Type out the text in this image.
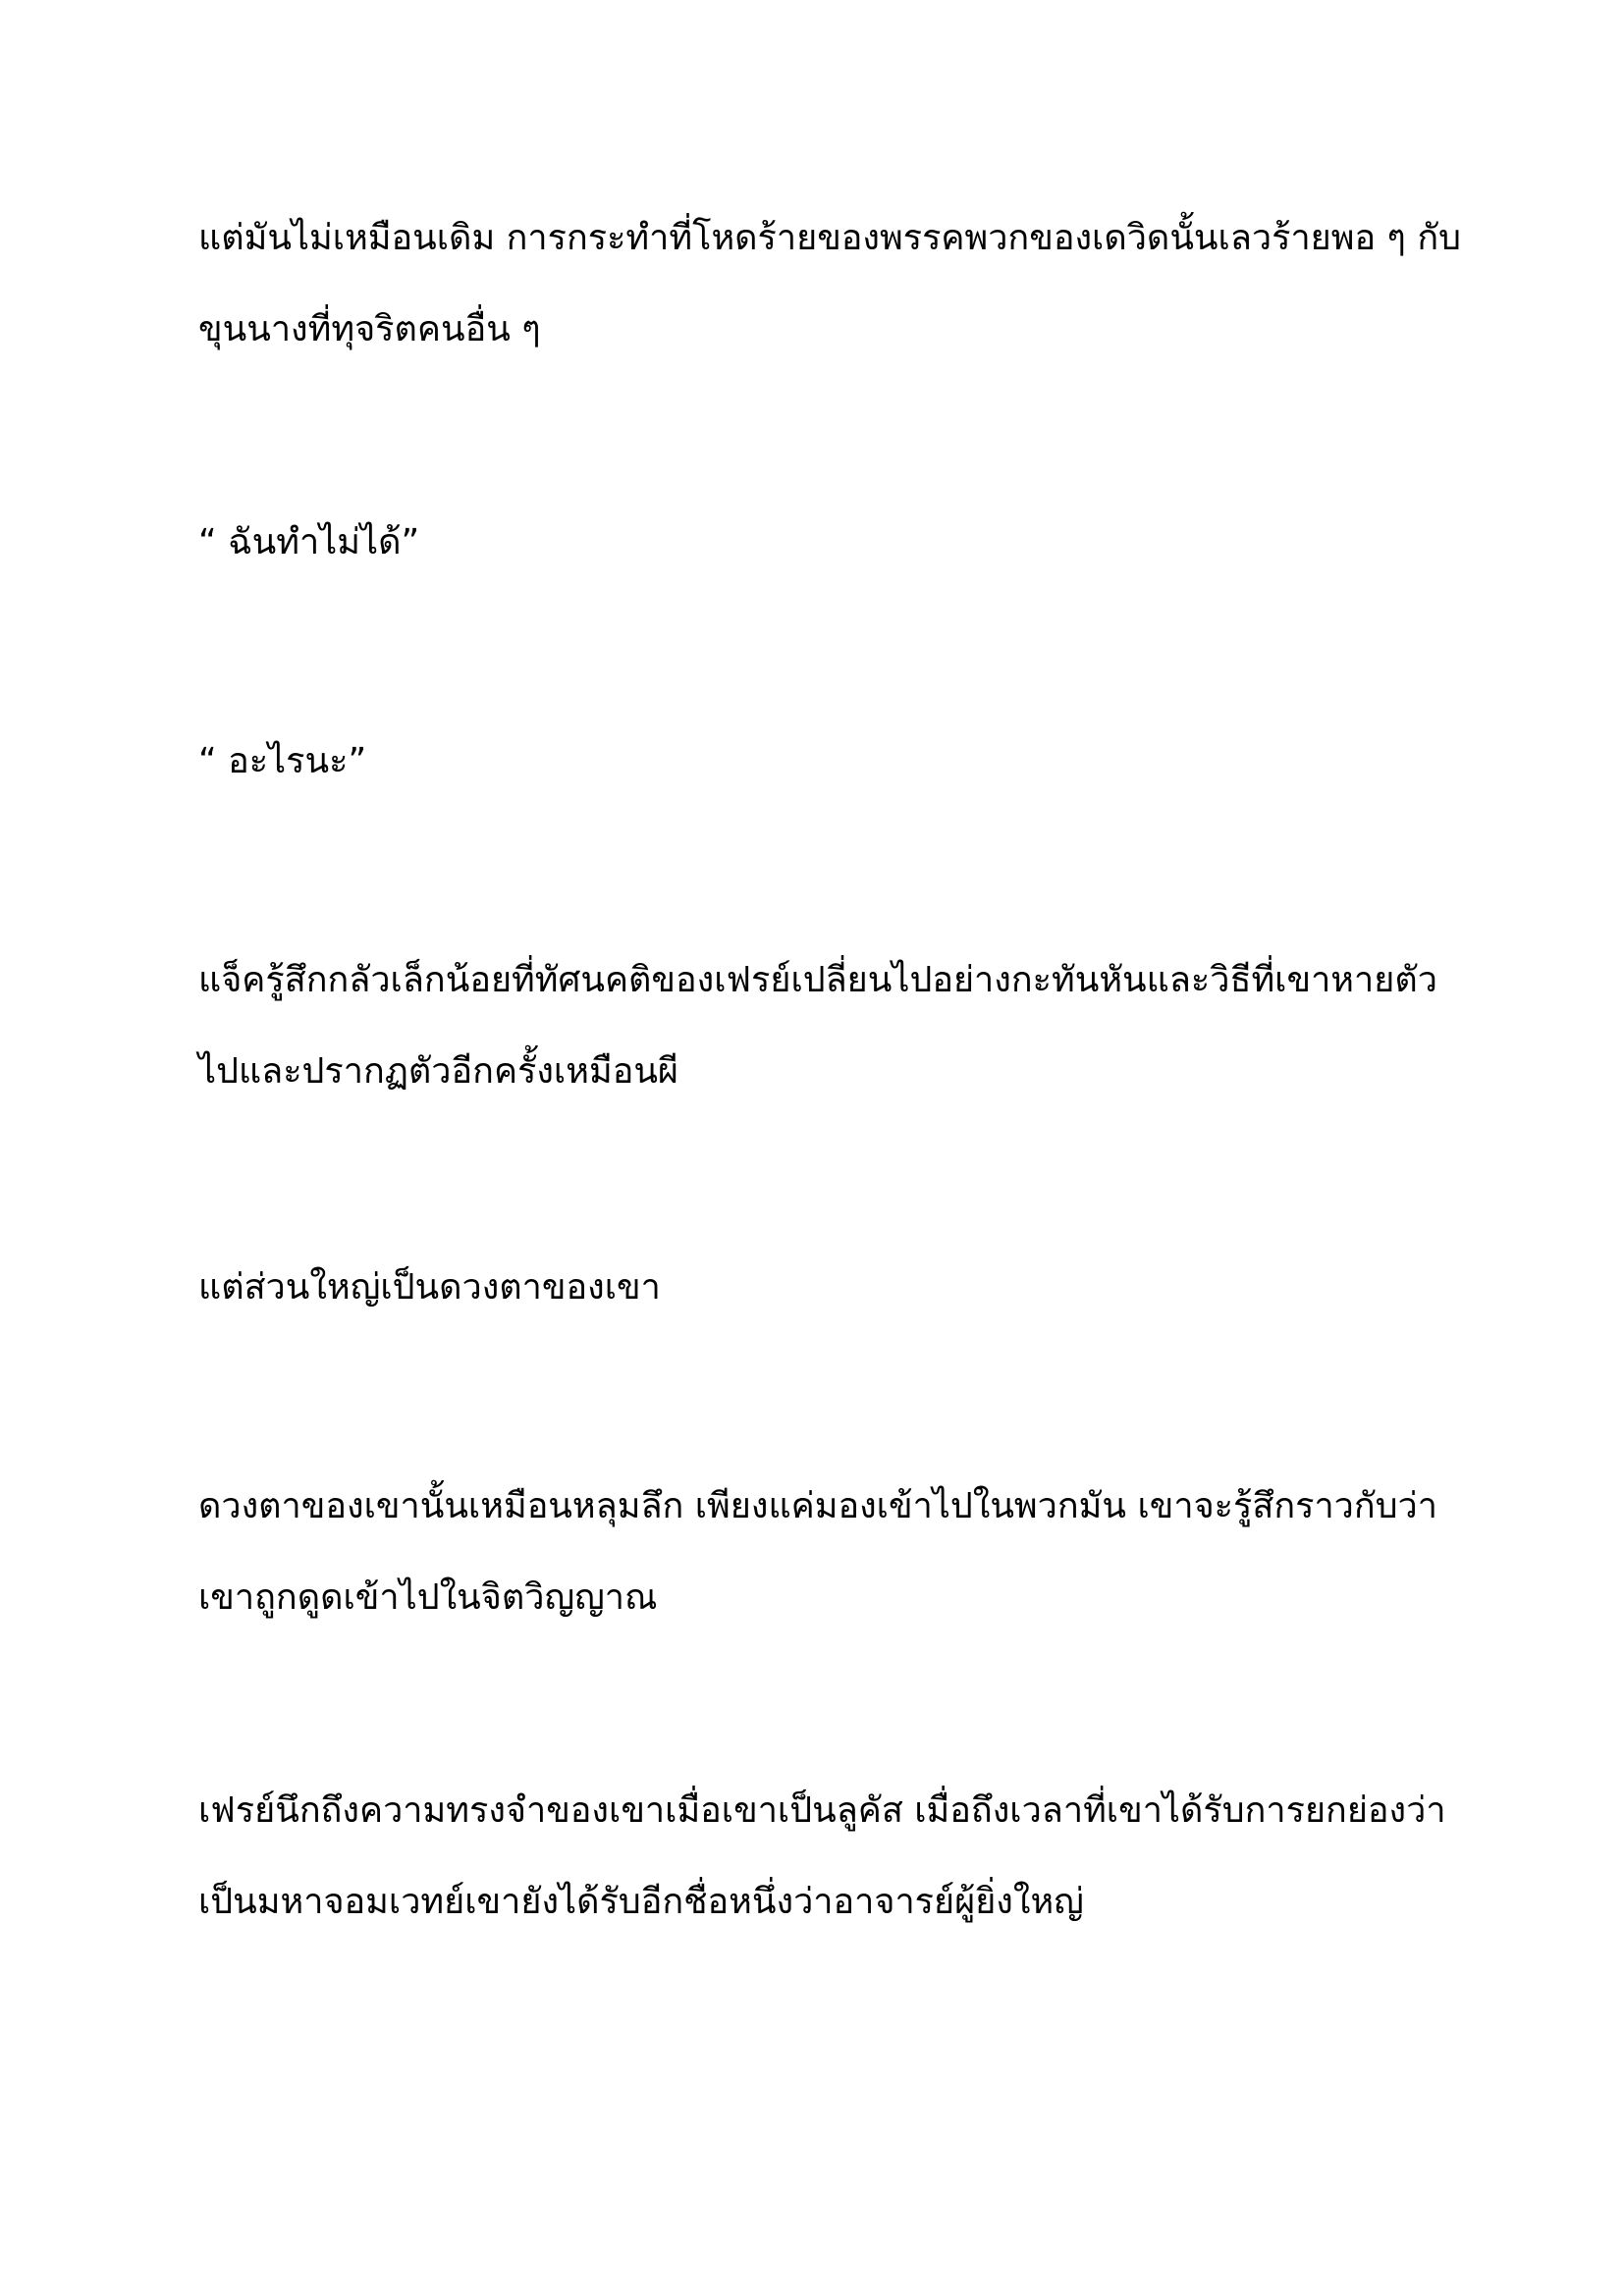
แต่มันไม่เหมือนเดิม การกระทำที่โหดร้ายของพรรคพวกของเดวิดนั้นเลวร้ายพอ ๆ กับ
ขุนนางที่ทุจริตคนอื่น ๆ

“ ฉันทำไม่ได้”

“ อะไรนะ”

แจ็ครู้สึกกลัวเล็กน้อยที่ทัศนคติของเฟรย์เปลี่ยนไปอย่างกะทันหันและวิธีที่เขาหายตัว
ไปและปรากฏตัวอีกครั้งเหมือนผี

แต่ส่วนใหญ่เป็นดวงตาของเขา

ดวงตาของเขานั้นเหมือนหลุมลึก เพียงแค่มองเข้าไปในพวกมัน เขาจะรู้สึกราวกับว่า
เขาถูกดูดเข้าไปในจิตวิญญาณ

เฟรย์นึกถึงความทรงจำของเขาเมื่อเขาเป็นลูคัส เมื่อถึงเวลาที่เขาได้รับการยกย่องว่า
เป็นมหาจอมเวทย์เขายังได้รับอีกชื่อหนึ่งว่าอาจารย์ผู้ยิ่งใหญ่
